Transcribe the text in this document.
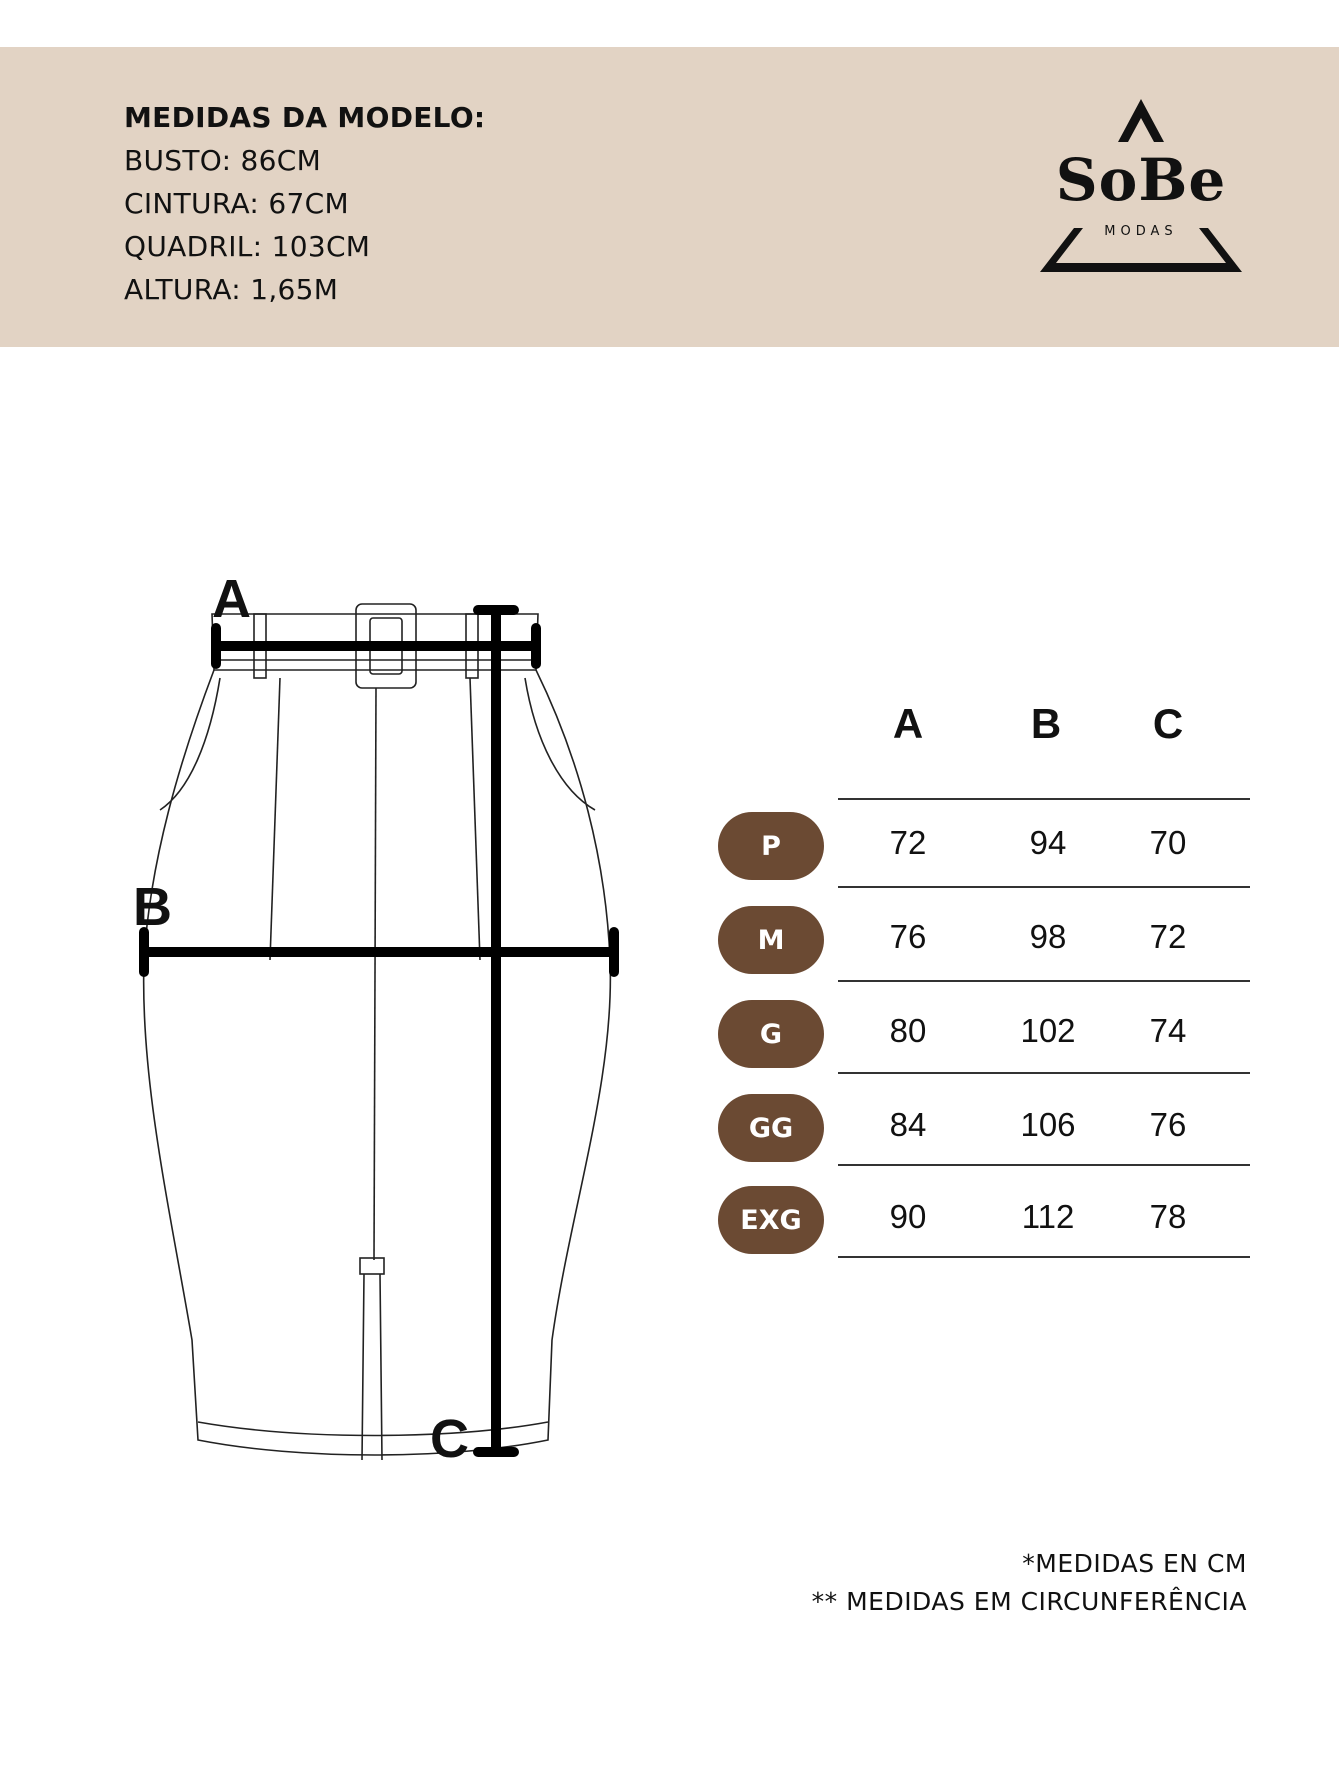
MEDIDAS DA MODELO:
BUSTO: 86CM
CINTURA: 67CM
QUADRIL: 103CM
ALTURA: 1,65M
SoBe
MODAS
A
B
C
A	B	C
P	72	94	70
M	76	98	72
G	80	102	74
GG	84	106	76
EXG	90	112	78
*MEDIDAS EN CM
** MEDIDAS EM CIRCUNFERÊNCIA
